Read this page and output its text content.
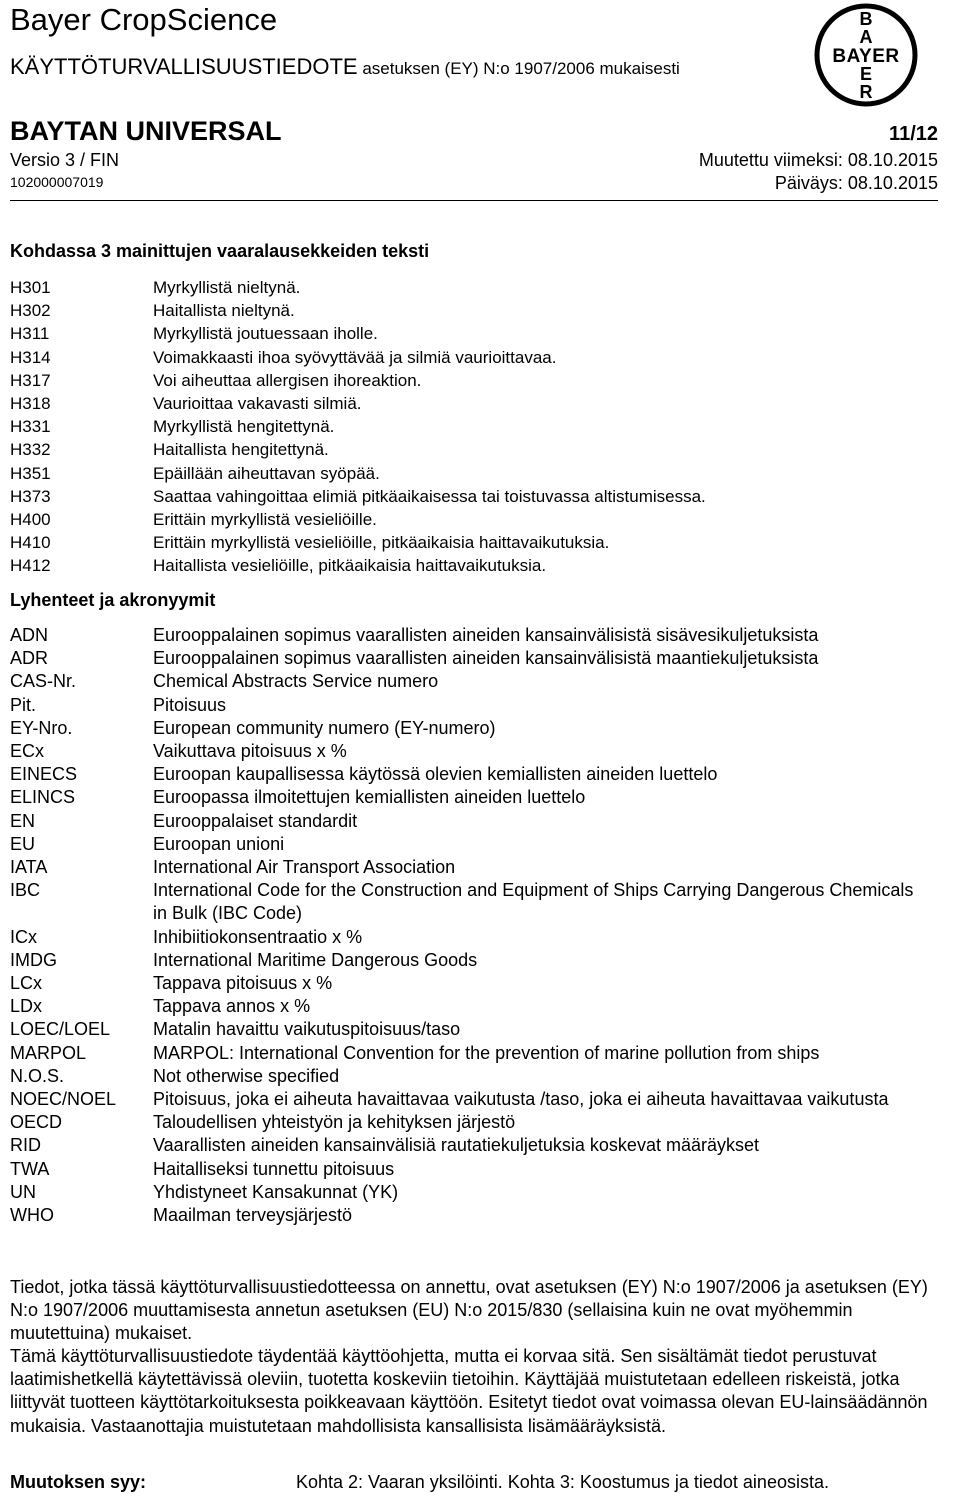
Bayer CropScience
KÄYTTÖTURVALLISUUSTIEDOTE asetuksen (EY) N:o 1907/2006 mukaisesti
B
A
BAYER
E
R
BAYTAN UNIVERSAL	11/12
Versio 3 / FIN	Muutettu viimeksi: 08.10.2015
102000007019	Päiväys: 08.10.2015
Kohdassa 3 mainittujen vaaralausekkeiden teksti
H301	Myrkyllistä nieltynä.
H302	Haitallista nieltynä.
H311	Myrkyllistä joutuessaan iholle.
H314	Voimakkaasti ihoa syövyttävää ja silmiä vaurioittavaa.
H317	Voi aiheuttaa allergisen ihoreaktion.
H318	Vaurioittaa vakavasti silmiä.
H331	Myrkyllistä hengitettynä.
H332	Haitallista hengitettynä.
H351	Epäillään aiheuttavan syöpää.
H373	Saattaa vahingoittaa elimiä pitkäaikaisessa tai toistuvassa altistumisessa.
H400	Erittäin myrkyllistä vesieliöille.
H410	Erittäin myrkyllistä vesieliöille, pitkäaikaisia haittavaikutuksia.
H412	Haitallista vesieliöille, pitkäaikaisia haittavaikutuksia.
Lyhenteet ja akronyymit
ADN	Eurooppalainen sopimus vaarallisten aineiden kansainvälisistä sisävesikuljetuksista
ADR	Eurooppalainen sopimus vaarallisten aineiden kansainvälisistä maantiekuljetuksista
CAS-Nr.	Chemical Abstracts Service numero
Pit.	Pitoisuus
EY-Nro.	European community numero (EY-numero)
ECx	Vaikuttava pitoisuus x %
EINECS	Euroopan kaupallisessa käytössä olevien kemiallisten aineiden luettelo
ELINCS	Euroopassa ilmoitettujen kemiallisten aineiden luettelo
EN	Eurooppalaiset standardit
EU	Euroopan unioni
IATA	International Air Transport Association
IBC	International Code for the Construction and Equipment of Ships Carrying Dangerous Chemicals in Bulk (IBC Code)
ICx	Inhibiitiokonsentraatio x %
IMDG	International Maritime Dangerous Goods
LCx	Tappava pitoisuus x %
LDx	Tappava annos x %
LOEC/LOEL	Matalin havaittu vaikutuspitoisuus/taso
MARPOL	MARPOL: International Convention for the prevention of marine pollution from ships
N.O.S.	Not otherwise specified
NOEC/NOEL	Pitoisuus, joka ei aiheuta havaittavaa vaikutusta /taso, joka ei aiheuta havaittavaa vaikutusta
OECD	Taloudellisen yhteistyön ja kehityksen järjestö
RID	Vaarallisten aineiden kansainvälisiä rautatiekuljetuksia koskevat määräykset
TWA	Haitalliseksi tunnettu pitoisuus
UN	Yhdistyneet Kansakunnat (YK)
WHO	Maailman terveysjärjestö
Tiedot, jotka tässä käyttöturvallisuustiedotteessa on annettu, ovat asetuksen (EY) N:o 1907/2006 ja asetuksen (EY) N:o 1907/2006 muuttamisesta annetun asetuksen (EU) N:o 2015/830 (sellaisina kuin ne ovat myöhemmin muutettuina) mukaiset.
Tämä käyttöturvallisuustiedote täydentää käyttöohjetta, mutta ei korvaa sitä. Sen sisältämät tiedot perustuvat laatimishetkellä käytettävissä oleviin, tuotetta koskeviin tietoihin. Käyttäjää muistutetaan edelleen riskeistä, jotka liittyvät tuotteen käyttötarkoituksesta poikkeavaan käyttöön. Esitetyt tiedot ovat voimassa olevan EU-lainsäädännön mukaisia. Vastaanottajia muistutetaan mahdollisista kansallisista lisämääräyksistä.
Muutoksen syy:	Kohta 2: Vaaran yksilöinti. Kohta 3: Koostumus ja tiedot aineosista.
